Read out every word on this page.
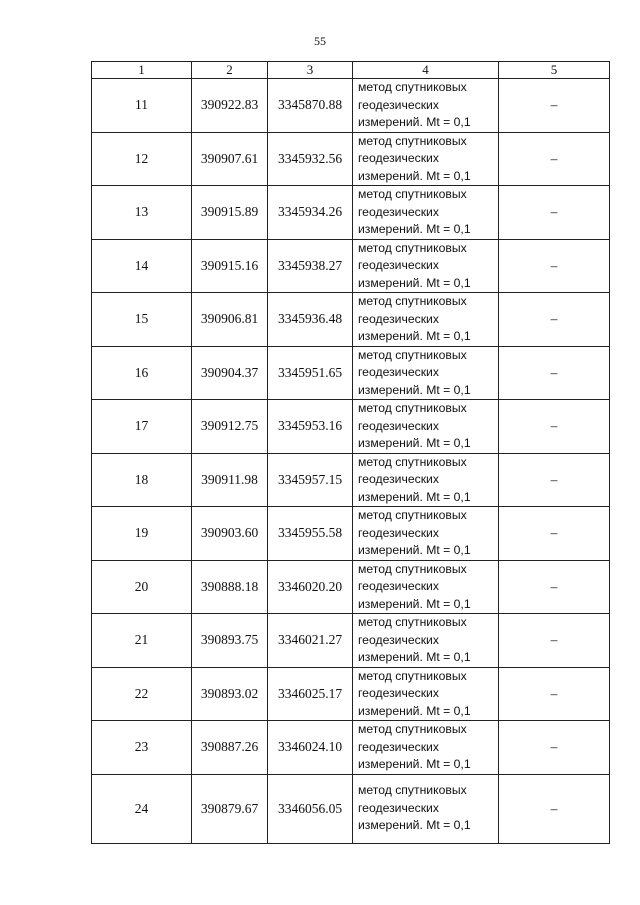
55
1	2	3	4	5
11	390922.83	3345870.88	метод спутниковых
геодезических
измерений. Mt = 0,1	–
12	390907.61	3345932.56	метод спутниковых
геодезических
измерений. Mt = 0,1	–
13	390915.89	3345934.26	метод спутниковых
геодезических
измерений. Mt = 0,1	–
14	390915.16	3345938.27	метод спутниковых
геодезических
измерений. Mt = 0,1	–
15	390906.81	3345936.48	метод спутниковых
геодезических
измерений. Mt = 0,1	–
16	390904.37	3345951.65	метод спутниковых
геодезических
измерений. Mt = 0,1	–
17	390912.75	3345953.16	метод спутниковых
геодезических
измерений. Mt = 0,1	–
18	390911.98	3345957.15	метод спутниковых
геодезических
измерений. Mt = 0,1	–
19	390903.60	3345955.58	метод спутниковых
геодезических
измерений. Mt = 0,1	–
20	390888.18	3346020.20	метод спутниковых
геодезических
измерений. Mt = 0,1	–
21	390893.75	3346021.27	метод спутниковых
геодезических
измерений. Mt = 0,1	–
22	390893.02	3346025.17	метод спутниковых
геодезических
измерений. Mt = 0,1	–
23	390887.26	3346024.10	метод спутниковых
геодезических
измерений. Mt = 0,1	–
24	390879.67	3346056.05	метод спутниковых
геодезических
измерений. Mt = 0,1	–
